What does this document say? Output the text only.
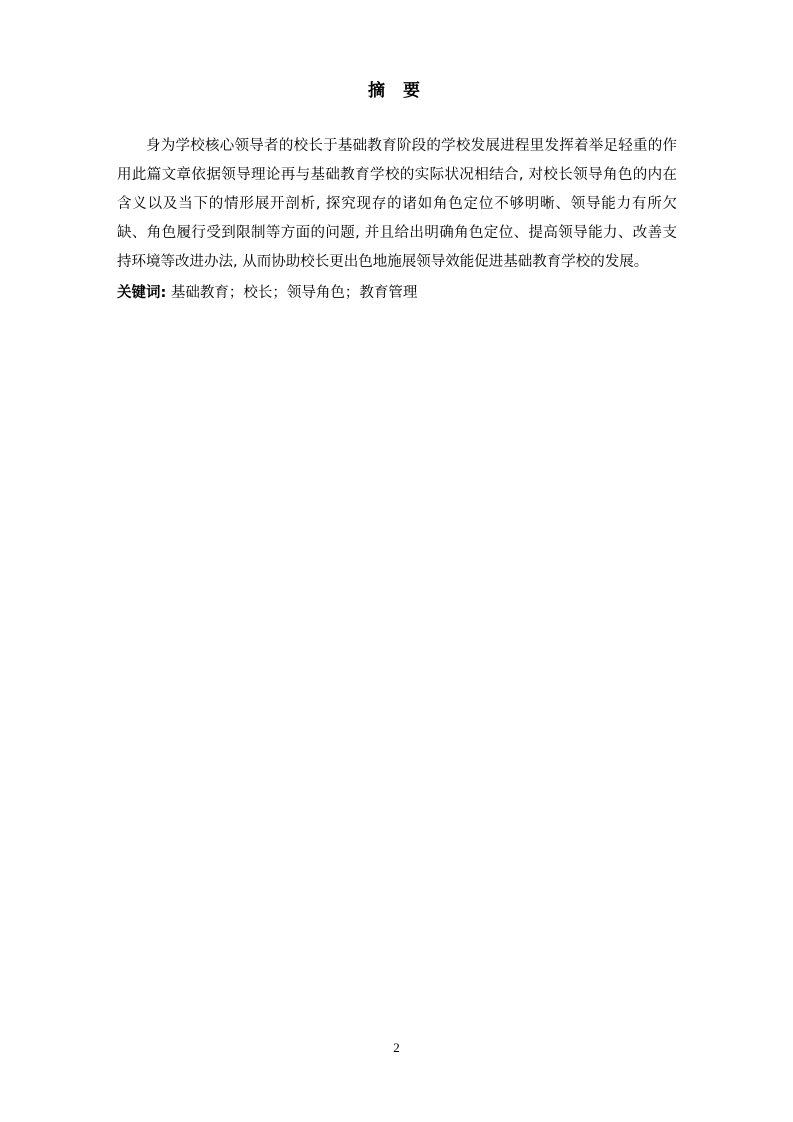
摘 要

身为学校核心领导者的校长于基础教育阶段的学校发展进程里发挥着举足轻重的作用此篇文章依据领导理论再与基础教育学校的实际状况相结合, 对校长领导角色的内在含义以及当下的情形展开剖析, 探究现存的诸如角色定位不够明晰、领导能力有所欠缺、角色履行受到限制等方面的问题, 并且给出明确角色定位、提高领导能力、改善支持环境等改进办法, 从而协助校长更出色地施展领导效能促进基础教育学校的发展。

关键词: 基础教育；校长；领导角色；教育管理

2
